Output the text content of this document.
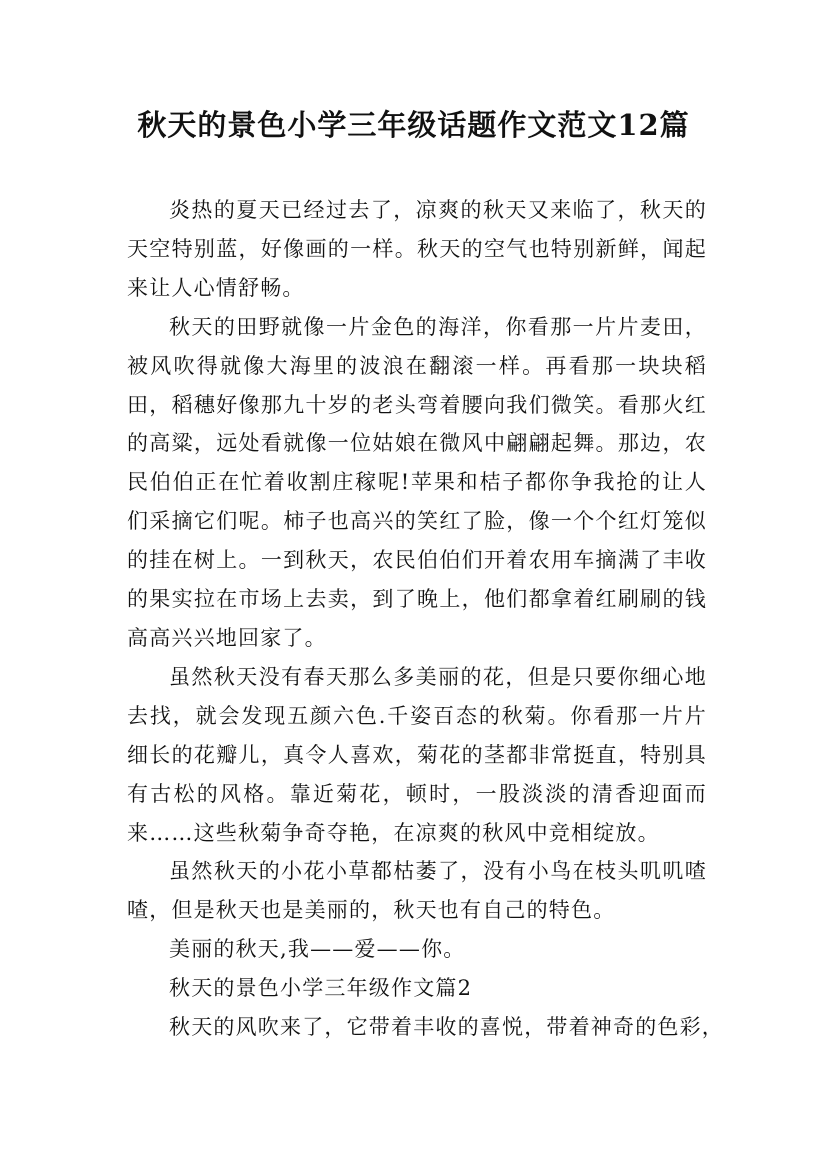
秋天的景色小学三年级话题作文范文12篇

炎热的夏天已经过去了，凉爽的秋天又来临了，秋天的天空特别蓝，好像画的一样。秋天的空气也特别新鲜，闻起来让人心情舒畅。

秋天的田野就像一片金色的海洋，你看那一片片麦田，被风吹得就像大海里的波浪在翻滚一样。再看那一块块稻田，稻穗好像那九十岁的老头弯着腰向我们微笑。看那火红的高粱，远处看就像一位姑娘在微风中翩翩起舞。那边，农民伯伯正在忙着收割庄稼呢!苹果和桔子都你争我抢的让人们采摘它们呢。柿子也高兴的笑红了脸，像一个个红灯笼似的挂在树上。一到秋天，农民伯伯们开着农用车摘满了丰收的果实拉在市场上去卖，到了晚上，他们都拿着红刷刷的钱高高兴兴地回家了。

虽然秋天没有春天那么多美丽的花，但是只要你细心地去找，就会发现五颜六色.千姿百态的秋菊。你看那一片片细长的花瓣儿，真令人喜欢，菊花的茎都非常挺直，特别具有古松的风格。靠近菊花，顿时，一股淡淡的清香迎面而来……这些秋菊争奇夺艳，在凉爽的秋风中竞相绽放。

虽然秋天的小花小草都枯萎了，没有小鸟在枝头叽叽喳喳，但是秋天也是美丽的，秋天也有自己的特色。

美丽的秋天,我——爱——你。

秋天的景色小学三年级作文篇2

秋天的风吹来了，它带着丰收的喜悦，带着神奇的色彩，
